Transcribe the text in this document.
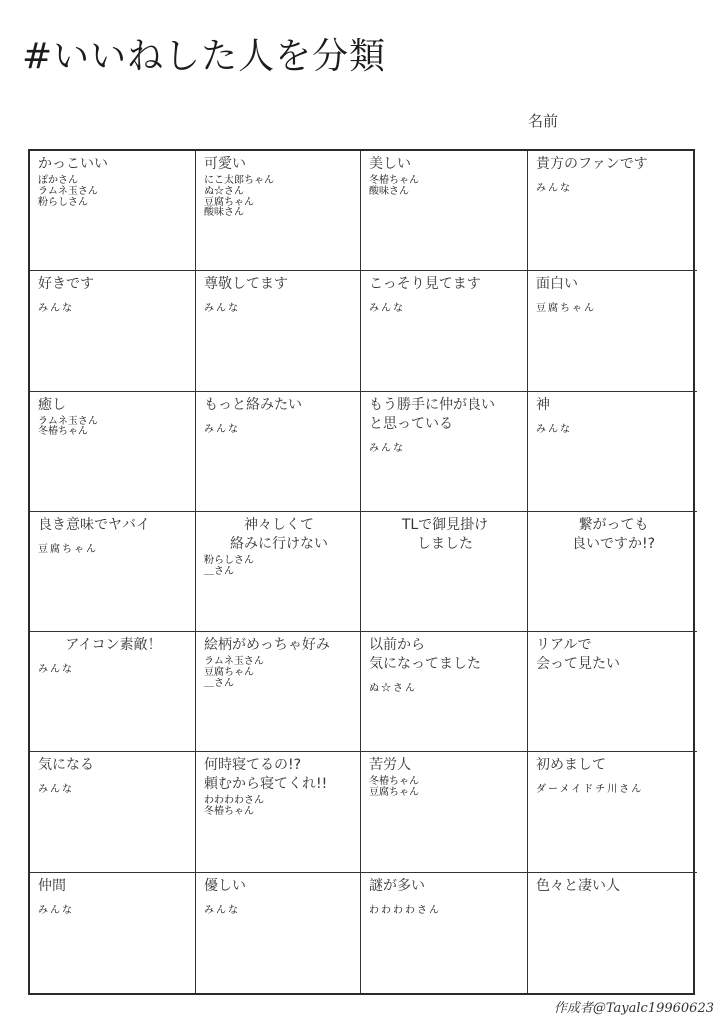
#いいねした人を分類
名前
かっこいい
ぽかさん
ラムネ玉さん
粉らしさん
可愛い
にこ太郎ちゃん
ぬ☆さん
豆腐ちゃん
酸味さん
美しい
冬椿ちゃん
酸味さん
貴方のファンです
みんな
好きです
みんな
尊敬してます
みんな
こっそり見てます
みんな
面白い
豆腐ちゃん
癒し
ラムネ玉さん
冬椿ちゃん
もっと絡みたい
みんな
もう勝手に仲が良い
と思っている
みんな
神
みんな
良き意味でヤバイ
豆腐ちゃん
神々しくて
絡みに行けない
粉らしさん
＿さん
TLで御見掛け
しました
繋がっても
良いですか!?
アイコン素敵！
みんな
絵柄がめっちゃ好み
ラムネ玉さん
豆腐ちゃん
＿さん
以前から
気になってました
ぬ☆さん
リアルで
会って見たい
気になる
みんな
何時寝てるの!?
頼むから寝てくれ!!
わわわわさん
冬椿ちゃん
苦労人
冬椿ちゃん
豆腐ちゃん
初めまして
ダーメイドチ川さん
仲間
みんな
優しい
みんな
謎が多い
わわわわさん
色々と凄い人
作成者@Tayalc19960623
